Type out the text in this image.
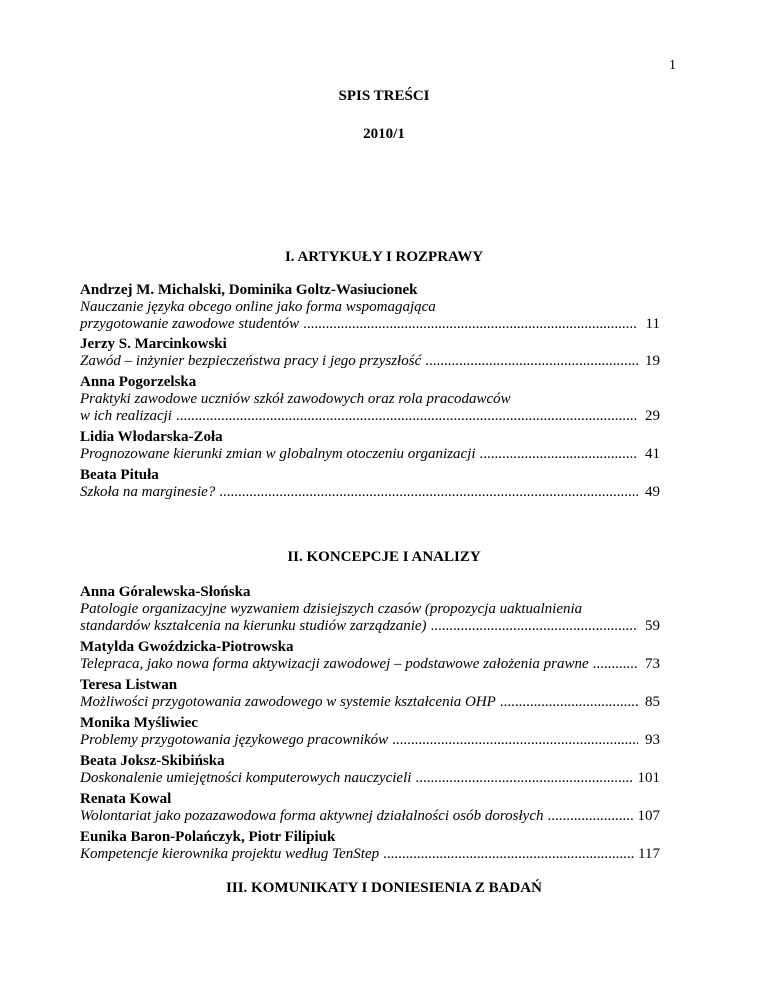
1
SPIS TREŚCI
2010/1
I. ARTYKUŁY I ROZPRAWY
Andrzej M. Michalski, Dominika Goltz-Wasiucionek
Nauczanie języka obcego online jako forma wspomagająca
przygotowanie zawodowe studentów .....	11
Jerzy S. Marcinkowski
Zawód – inżynier bezpieczeństwa pracy i jego przyszłość .....	19
Anna Pogorzelska
Praktyki zawodowe uczniów szkół zawodowych oraz rola pracodawców
w ich realizacji .....	29
Lidia Włodarska-Zoła
Prognozowane kierunki zmian w globalnym otoczeniu organizacji .....	41
Beata Pituła
Szkoła na marginesie? .....	49
II. KONCEPCJE I ANALIZY
Anna Góralewska-Słońska
Patologie organizacyjne wyzwaniem dzisiejszych czasów (propozycja uaktualnienia
standardów kształcenia na kierunku studiów zarządzanie) .....	59
Matylda Gwoździcka-Piotrowska
Telepraca, jako nowa forma aktywizacji zawodowej – podstawowe założenia prawne .....	73
Teresa Listwan
Możliwości przygotowania zawodowego w systemie kształcenia OHP .....	85
Monika Myśliwiec
Problemy przygotowania językowego pracowników .....	93
Beata Joksz-Skibińska
Doskonalenie umiejętności komputerowych nauczycieli .....	101
Renata Kowal
Wolontariat jako pozazawodowa forma aktywnej działalności osób dorosłych .....	107
Eunika Baron-Polańczyk, Piotr Filipiuk
Kompetencje kierownika projektu według TenStep .....	117
III. KOMUNIKATY I DONIESIENIA Z BADAŃ
